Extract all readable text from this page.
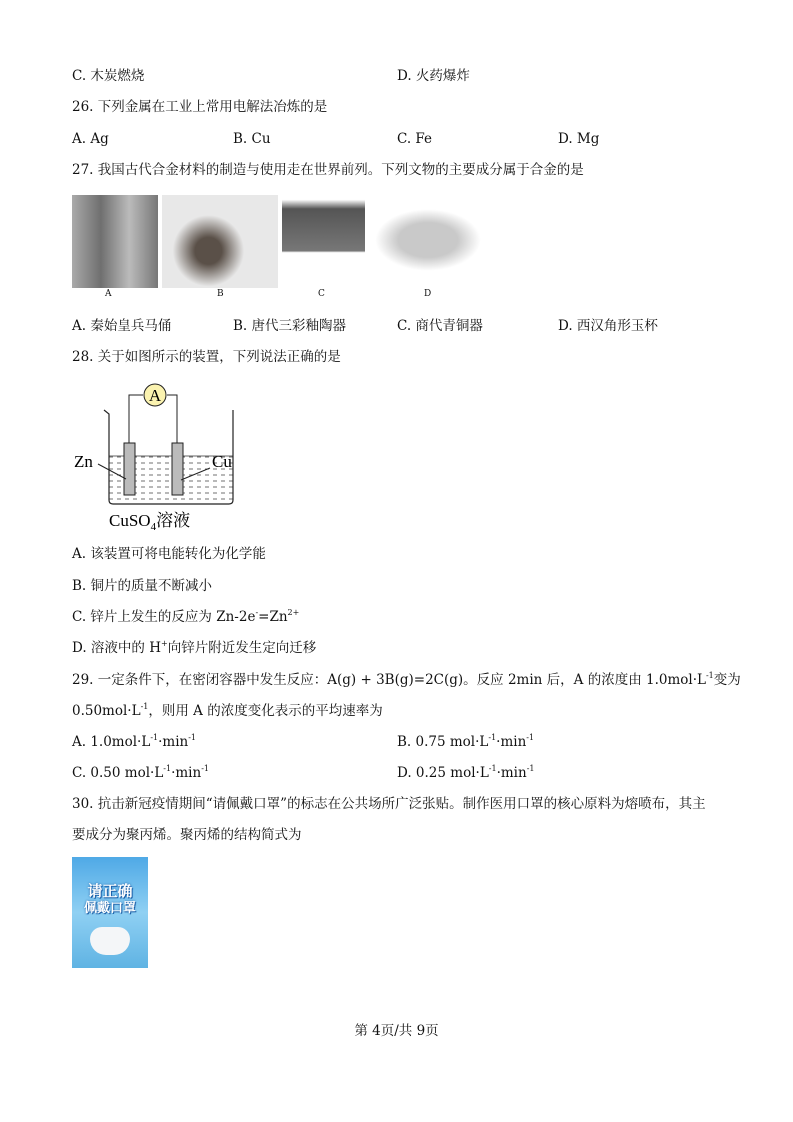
C. 木炭燃烧	D. 火药爆炸
26. 下列金属在工业上常用电解法冶炼的是
A. Ag	B. Cu	C. Fe	D. Mg
27. 我国古代合金材料的制造与使用走在世界前列。下列文物的主要成分属于合金的是
A	B	C	D
A. 秦始皇兵马俑	B. 唐代三彩釉陶器	C. 商代青铜器	D. 西汉角形玉杯
28. 关于如图所示的装置，下列说法正确的是
A
Zn	Cu
CuSO$_4$溶液
A. 该装置可将电能转化为化学能
B. 铜片的质量不断减小
C. 锌片上发生的反应为 $Zn-2e^-=Zn^{2+}$
D. 溶液中的 H+向锌片附近发生定向迁移
29. 一定条件下，在密闭容器中发生反应：A(g) + 3B(g)=2C(g)。反应 2min 后，A 的浓度由 $1.0mol\cdot L^{-1}$变为
$0.50mol\cdot L^{-1}$，则用 A 的浓度变化表示的平均速率为
A. $1.0mol\cdot L^{-1}\cdot\min^{-1}$	B. 0.75 $mol\cdot L^{-1}\cdot\min^{-1}$
C. 0.50 $mol\cdot L^{-1}\cdot\min^{-1}$	D. 0.25 $mol\cdot L^{-1}\cdot\min^{-1}$
30. 抗击新冠疫情期间“请佩戴口罩”的标志在公共场所广泛张贴。制作医用口罩的核心原料为熔喷布，其主
要成分为聚丙烯。聚丙烯的结构简式为
请正确
佩戴口罩
第 4页/共 9页
